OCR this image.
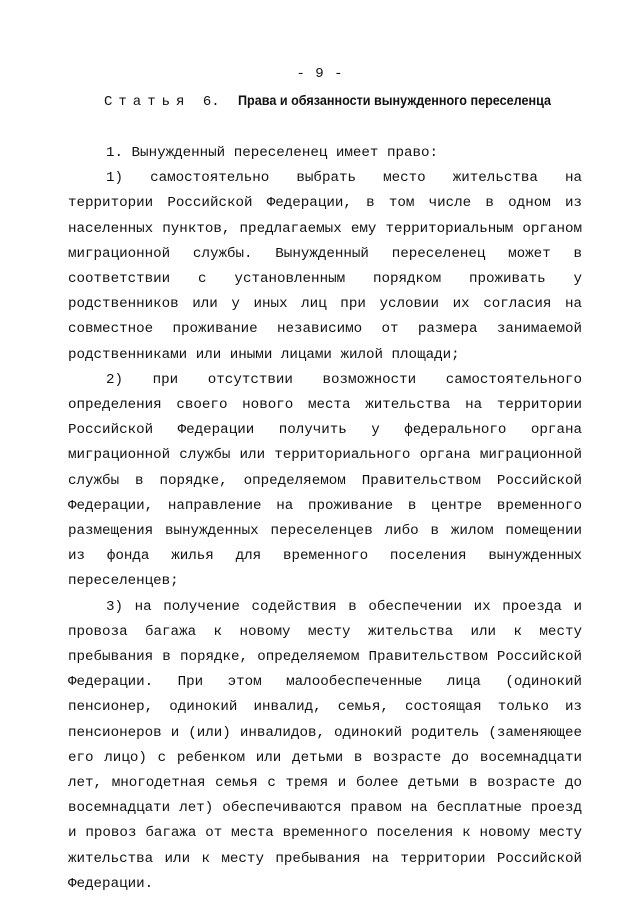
- 9 -
Статья 6. Права и обязанности вынужденного переселенца

1. Вынужденный переселенец имеет право:

1) самостоятельно выбрать место жительства на территории Российской Федерации, в том числе в одном из населенных пунктов, предлагаемых ему территориальным органом миграционной службы. Вынужденный переселенец может в соответствии с установленным порядком проживать у родственников или у иных лиц при условии их согласия на совместное проживание независимо от размера занимаемой родственниками или иными лицами жилой площади;

2) при отсутствии возможности самостоятельного определения своего нового места жительства на территории Российской Федерации получить у федерального органа миграционной службы или территориального органа миграционной службы в порядке, определяемом Правительством Российской Федерации, направление на проживание в центре временного размещения вынужденных переселенцев либо в жилом помещении из фонда жилья для временного поселения вынужденных переселенцев;

3) на получение содействия в обеспечении их проезда и провоза багажа к новому месту жительства или к месту пребывания в порядке, определяемом Правительством Российской Федерации. При этом малообеспеченные лица (одинокий пенсионер, одинокий инвалид, семья, состоящая только из пенсионеров и (или) инвалидов, одинокий родитель (заменяющее его лицо) с ребенком или детьми в возрасте до восемнадцати лет, многодетная семья с тремя и более детьми в возрасте до восемнадцати лет) обеспечиваются правом на бесплатные проезд и провоз багажа от места временного поселения к новому месту жительства или к месту пребывания на территории Российской Федерации.
